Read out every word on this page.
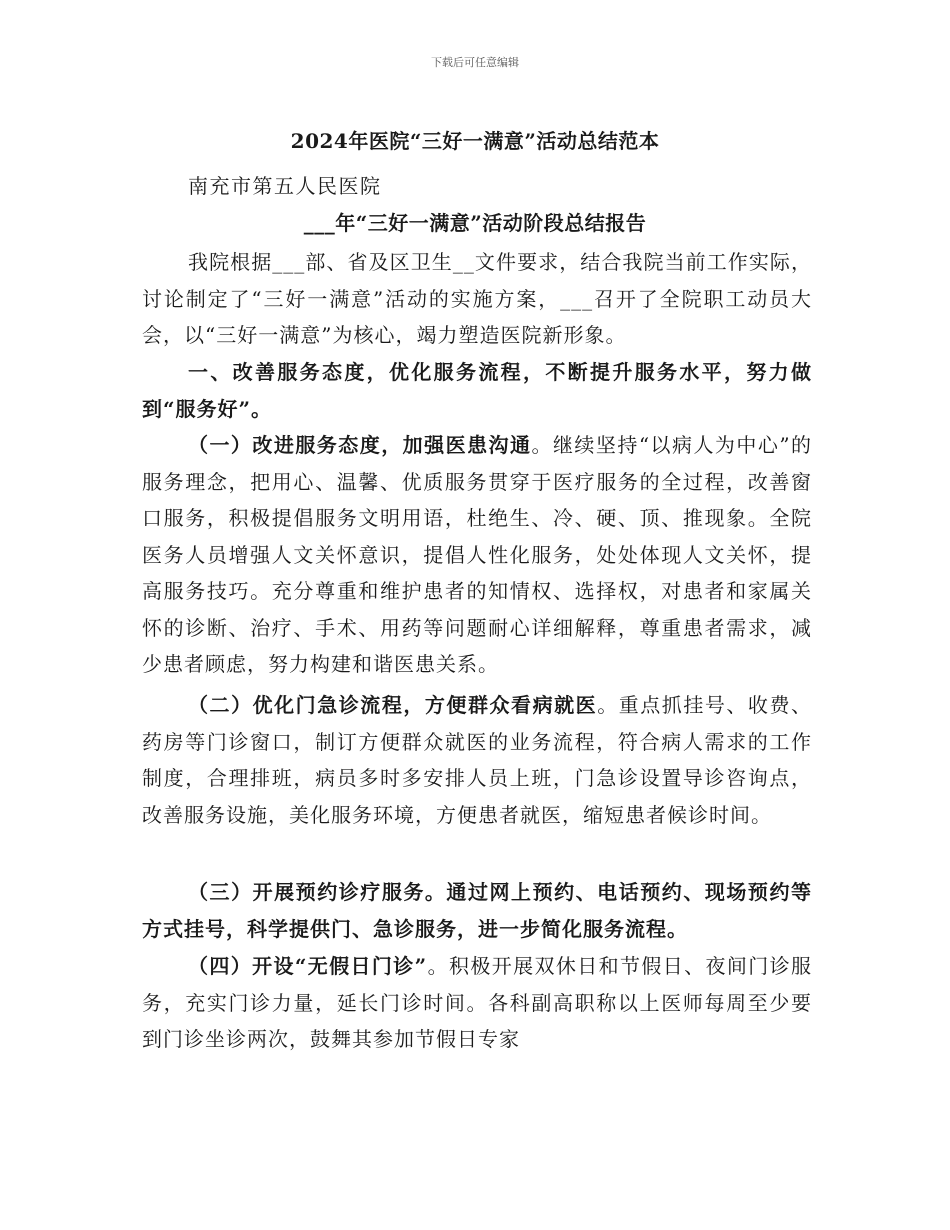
下载后可任意编辑
2024年医院“三好一满意”活动总结范本
南充市第五人民医院
___年“三好一满意”活动阶段总结报告
我院根据___部、省及区卫生__文件要求，结合我院当前工作实际，讨论制定了“三好一满意”活动的实施方案，___召开了全院职工动员大会，以“三好一满意”为核心，竭力塑造医院新形象。
一、改善服务态度，优化服务流程，不断提升服务水平，努力做到“服务好”。
（一）改进服务态度，加强医患沟通。继续坚持“以病人为中心”的服务理念，把用心、温馨、优质服务贯穿于医疗服务的全过程，改善窗口服务，积极提倡服务文明用语，杜绝生、冷、硬、顶、推现象。全院医务人员增强人文关怀意识，提倡人性化服务，处处体现人文关怀，提高服务技巧。充分尊重和维护患者的知情权、选择权，对患者和家属关怀的诊断、治疗、手术、用药等问题耐心详细解释，尊重患者需求，减少患者顾虑，努力构建和谐医患关系。
（二）优化门急诊流程，方便群众看病就医。重点抓挂号、收费、药房等门诊窗口，制订方便群众就医的业务流程，符合病人需求的工作制度，合理排班，病员多时多安排人员上班，门急诊设置导诊咨询点，改善服务设施，美化服务环境，方便患者就医，缩短患者候诊时间。
（三）开展预约诊疗服务。通过网上预约、电话预约、现场预约等方式挂号，科学提供门、急诊服务，进一步简化服务流程。
（四）开设“无假日门诊”。积极开展双休日和节假日、夜间门诊服务，充实门诊力量，延长门诊时间。各科副高职称以上医师每周至少要到门诊坐诊两次，鼓舞其参加节假日专家
